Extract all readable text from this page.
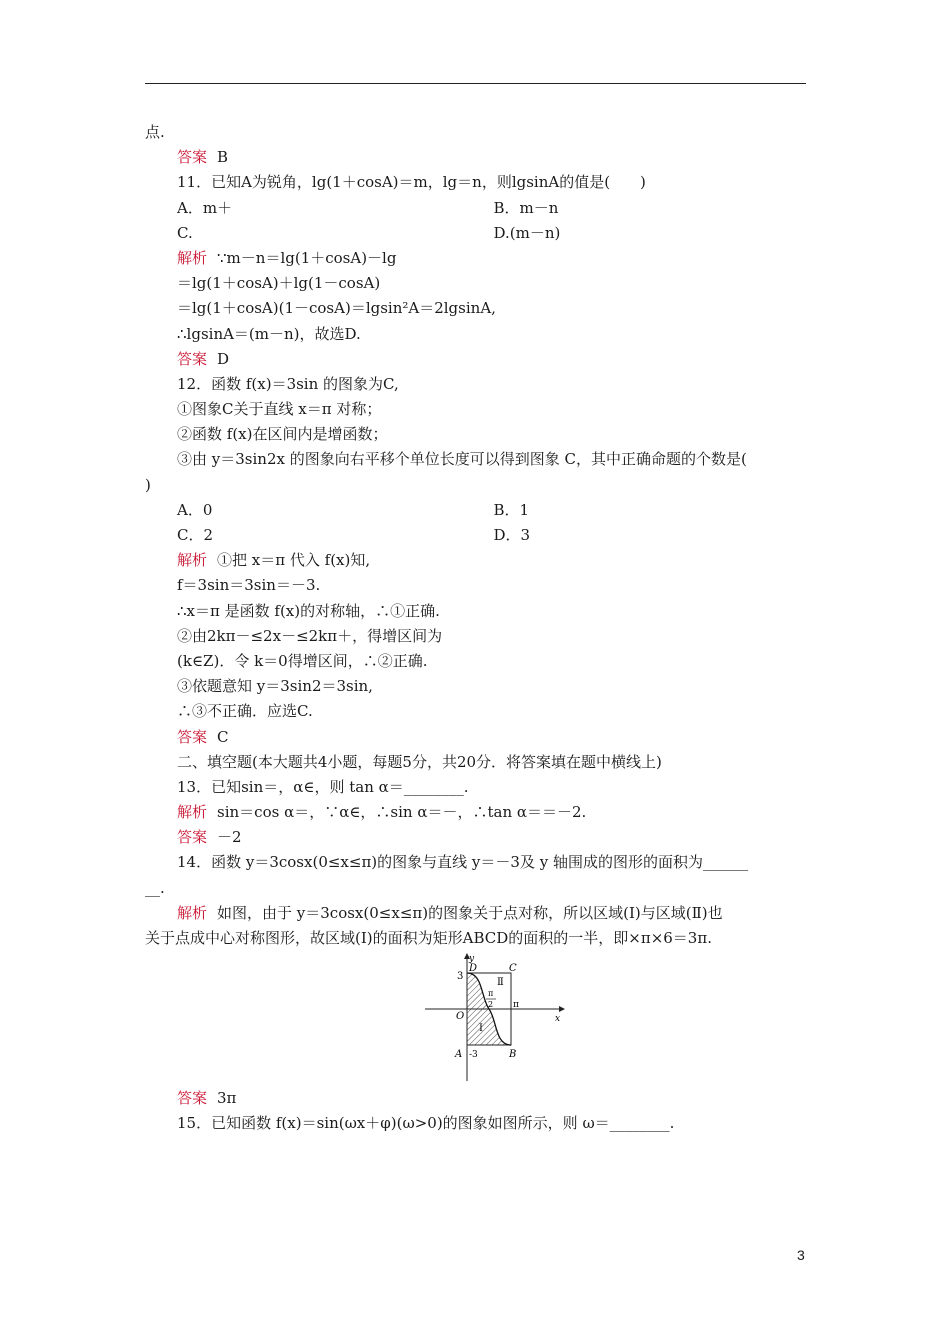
点.
答案 B
11．已知A为锐角，lg(1＋cosA)＝m，lg＝n，则lgsinA的值是(　　)
A．m＋	B．m－n
C.	D.(m－n)
解析 ∵m－n＝lg(1＋cosA)－lg
＝lg(1＋cosA)＋lg(1－cosA)
＝lg(1＋cosA)(1－cosA)＝lgsin²A＝2lgsinA,
∴lgsinA＝(m－n)，故选D.
答案 D
12．函数 f(x)＝3sin 的图象为C,
①图象C关于直线 x＝π 对称；
②函数 f(x)在区间内是增函数；
③由 y＝3sin2x 的图象向右平移个单位长度可以得到图象 C，其中正确命题的个数是(
)
A．0	B．1
C．2	D．3
解析 ①把 x＝π 代入 f(x)知,
f＝3sin＝3sin＝－3.
∴x＝π 是函数 f(x)的对称轴，∴①正确.
②由2kπ－≤2x－≤2kπ＋，得增区间为
(k∈Z)．令 k＝0得增区间，∴②正确.
③依题意知 y＝3sin2＝3sin,
∴③不正确．应选C.
答案 C
二、填空题(本大题共4小题，每题5分，共20分．将答案填在题中横线上)
13．已知sin＝，α∈，则 tan α＝________.
解析 sin＝cos α＝，∵α∈，∴sin α＝－，∴tan α＝＝－2.
答案 －2
14．函数 y＝3cosx(0≤x≤π)的图象与直线 y＝－3及 y 轴围成的图形的面积为______
__.
解析 如图，由于 y＝3cosx(0≤x≤π)的图象关于点对称，所以区域(Ⅰ)与区域(Ⅱ)也
关于点成中心对称图形，故区域(Ⅰ)的面积为矩形ABCD的面积的一半，即×π×6＝3π.
y
x
O
D	C
A	B
3
-3
π
π
2
Ⅱ
Ⅰ
答案 3π
15．已知函数 f(x)＝sin(ωx＋φ)(ω>0)的图象如图所示，则 ω＝________.
3
